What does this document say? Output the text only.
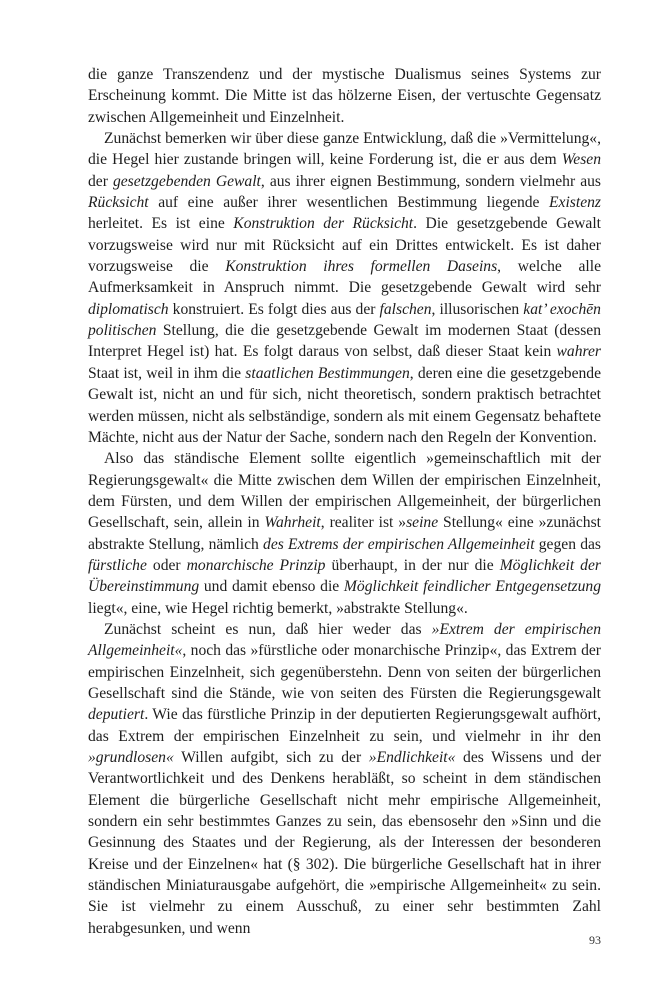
die ganze Transzendenz und der mystische Dualismus seines Systems zur Erscheinung kommt. Die Mitte ist das hölzerne Eisen, der vertuschte Gegensatz zwischen Allgemeinheit und Einzelnheit.

Zunächst bemerken wir über diese ganze Entwicklung, daß die »Vermittelung«, die Hegel hier zustande bringen will, keine Forderung ist, die er aus dem Wesen der gesetzgebenden Gewalt, aus ihrer eignen Bestimmung, sondern vielmehr aus Rücksicht auf eine außer ihrer wesentlichen Bestimmung liegende Existenz herleitet. Es ist eine Konstruktion der Rücksicht. Die gesetzgebende Gewalt vorzugsweise wird nur mit Rücksicht auf ein Drittes entwickelt. Es ist daher vorzugsweise die Konstruktion ihres formellen Daseins, welche alle Aufmerksamkeit in Anspruch nimmt. Die gesetzgebende Gewalt wird sehr diplomatisch konstruiert. Es folgt dies aus der falschen, illusorischen kat’ exochēn politischen Stellung, die die gesetzgebende Gewalt im modernen Staat (dessen Interpret Hegel ist) hat. Es folgt daraus von selbst, daß dieser Staat kein wahrer Staat ist, weil in ihm die staatlichen Bestimmungen, deren eine die gesetzgebende Gewalt ist, nicht an und für sich, nicht theoretisch, sondern praktisch betrachtet werden müssen, nicht als selbständige, sondern als mit einem Gegensatz behaftete Mächte, nicht aus der Natur der Sache, sondern nach den Regeln der Konvention.

Also das ständische Element sollte eigentlich »gemeinschaftlich mit der Regierungsgewalt« die Mitte zwischen dem Willen der empirischen Einzelnheit, dem Fürsten, und dem Willen der empirischen Allgemeinheit, der bürgerlichen Gesellschaft, sein, allein in Wahrheit, realiter ist »seine Stellung« eine »zunächst abstrakte Stellung, nämlich des Extrems der empirischen Allgemeinheit gegen das fürstliche oder monarchische Prinzip überhaupt, in der nur die Möglichkeit der Übereinstimmung und damit ebenso die Möglichkeit feindlicher Entgegensetzung liegt«, eine, wie Hegel richtig bemerkt, »abstrakte Stellung«.

Zunächst scheint es nun, daß hier weder das »Extrem der empirischen Allgemeinheit«, noch das »fürstliche oder monarchische Prinzip«, das Extrem der empirischen Einzelnheit, sich gegenüberstehn. Denn von seiten der bürgerlichen Gesellschaft sind die Stände, wie von seiten des Fürsten die Regierungsgewalt deputiert. Wie das fürstliche Prinzip in der deputierten Regierungsgewalt aufhört, das Extrem der empirischen Einzelnheit zu sein, und vielmehr in ihr den »grundlosen« Willen aufgibt, sich zu der »Endlichkeit« des Wissens und der Verantwortlichkeit und des Denkens herabläßt, so scheint in dem ständischen Element die bürgerliche Gesellschaft nicht mehr empirische Allgemeinheit, sondern ein sehr bestimmtes Ganzes zu sein, das ebensosehr den »Sinn und die Gesinnung des Staates und der Regierung, als der Interessen der besonderen Kreise und der Einzelnen« hat (§ 302). Die bürgerliche Gesellschaft hat in ihrer ständischen Miniaturausgabe aufgehört, die »empirische Allgemeinheit« zu sein. Sie ist vielmehr zu einem Ausschuß, zu einer sehr bestimmten Zahl herabgesunken, und wenn

93
